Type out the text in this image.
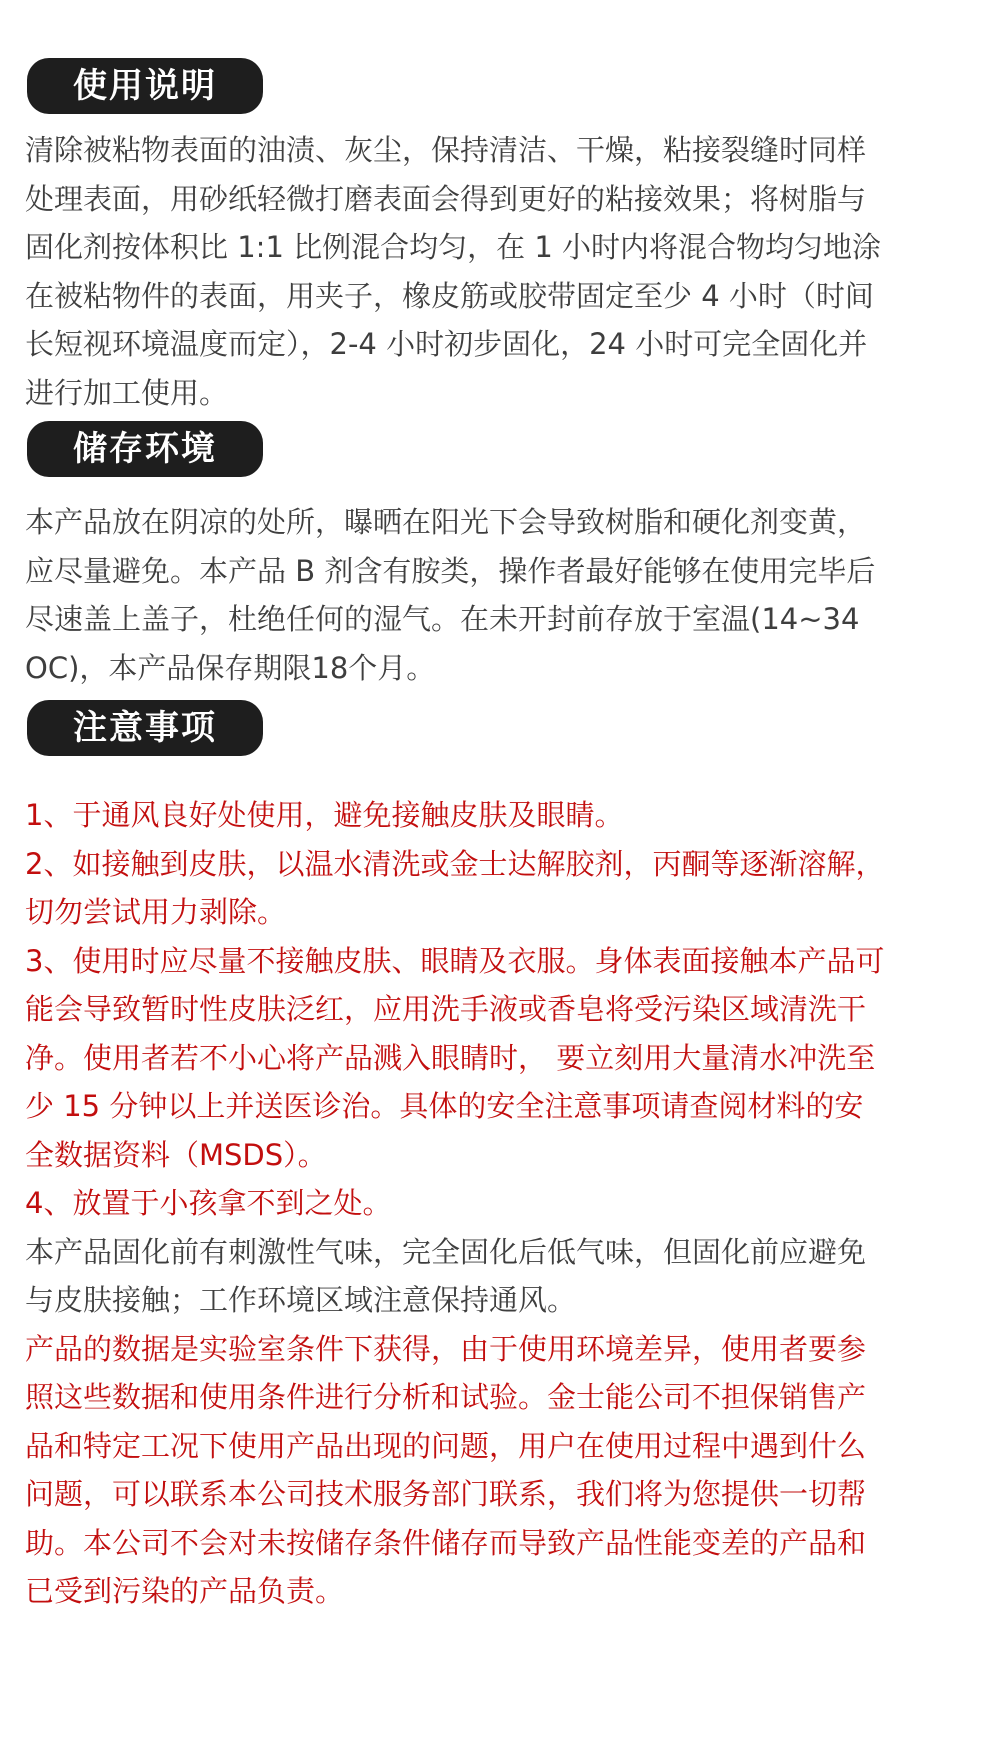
使用说明
清除被粘物表面的油渍、灰尘，保持清洁、干燥，粘接裂缝时同样
处理表面，用砂纸轻微打磨表面会得到更好的粘接效果；将树脂与
固化剂按体积比 1:1 比例混合均匀，在 1 小时内将混合物均匀地涂
在被粘物件的表面，用夹子，橡皮筋或胶带固定至少 4 小时（时间
长短视环境温度而定），2-4 小时初步固化，24 小时可完全固化并
进行加工使用。
储存环境
本产品放在阴凉的处所，曝晒在阳光下会导致树脂和硬化剂变黄，
应尽量避免。本产品 B 剂含有胺类，操作者最好能够在使用完毕后
尽速盖上盖子，杜绝任何的湿气。在未开封前存放于室温(14~34
OC)，本产品保存期限18个月。
注意事项
1、于通风良好处使用，避免接触皮肤及眼睛。
2、如接触到皮肤，以温水清洗或金士达解胶剂，丙酮等逐渐溶解，
切勿尝试用力剥除。
3、使用时应尽量不接触皮肤、眼睛及衣服。身体表面接触本产品可
能会导致暂时性皮肤泛红，应用洗手液或香皂将受污染区域清洗干
净。使用者若不小心将产品溅入眼睛时， 要立刻用大量清水冲洗至
少 15 分钟以上并送医诊治。具体的安全注意事项请查阅材料的安
全数据资料（MSDS）。
4、放置于小孩拿不到之处。
本产品固化前有刺激性气味，完全固化后低气味，但固化前应避免
与皮肤接触；工作环境区域注意保持通风。
产品的数据是实验室条件下获得，由于使用环境差异，使用者要参
照这些数据和使用条件进行分析和试验。金士能公司不担保销售产
品和特定工况下使用产品出现的问题，用户在使用过程中遇到什么
问题，可以联系本公司技术服务部门联系，我们将为您提供一切帮
助。本公司不会对未按储存条件储存而导致产品性能变差的产品和
已受到污染的产品负责。
